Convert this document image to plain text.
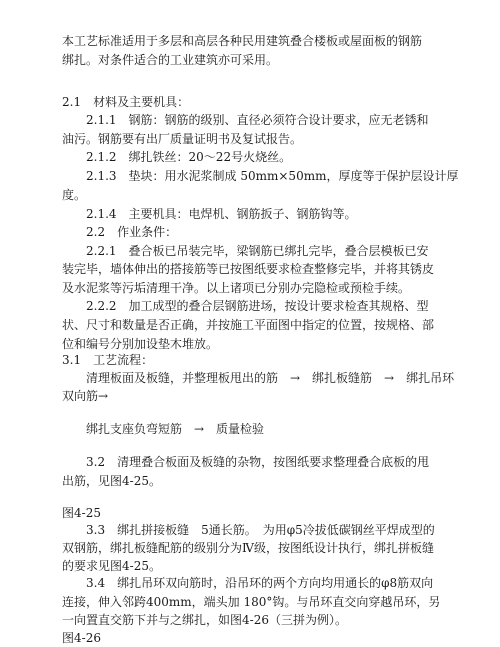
本工艺标准适用于多层和高层各种民用建筑叠合楼板或屋面板的钢筋
绑扎。对条件适合的工业建筑亦可采用。
2.1　材料及主要机具：
2.1.1　钢筋：钢筋的级别、直径必须符合设计要求，应无老锈和
油污。钢筋要有出厂质量证明书及复试报告。
2.1.2　绑扎铁丝：20～22号火烧丝。
2.1.3　垫块：用水泥浆制成 50mm×50mm，厚度等于保护层设计厚
度。
2.1.4　主要机具：电焊机、钢筋扳子、钢筋钩等。
2.2　作业条件：
2.2.1　叠合板已吊装完毕，梁钢筋已绑扎完毕，叠合层模板已安
装完毕，墙体伸出的搭接筋等已按图纸要求检查整修完毕，并将其锈皮
及水泥浆等污垢清理干净。以上诸项已分别办完隐检或预检手续。
2.2.2　加工成型的叠合层钢筋进场，按设计要求检查其规格、型
状、尺寸和数量是否正确，并按施工平面图中指定的位置，按规格、部
位和编号分别加设垫木堆放。
3.1　工艺流程：
清理板面及板缝，并整理板甩出的筋　→　绑扎板缝筋　→　绑扎吊环
双向筋→
绑扎支座负弯短筋　→　质量检验
3.2　清理叠合板面及板缝的杂物，按图纸要求整理叠合底板的甩
出筋，见图4-25。
图4-25
3.3　绑扎拼接板缝　5通长筋。　为用φ5冷拔低碳钢丝平焊成型的
双钢筋，绑扎板缝配筋的级别分为Ⅳ级，按图纸设计执行，绑扎拼板缝
的要求见图4-25。
3.4　绑扎吊环双向筋时，沿吊环的两个方向均用通长的φ8筋双向
连接，伸入邻跨400mm，端头加 180°钩。与吊环直交向穿越吊环，另
一向置直交筋下并与之绑扎，如图4-26（三拼为例）。
图4-26
